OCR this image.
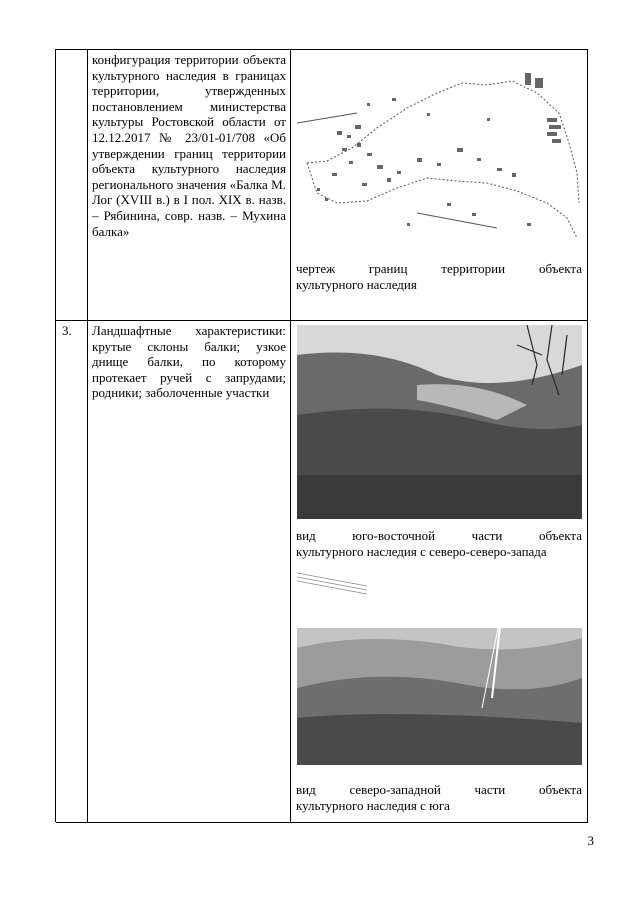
конфигурация территории объекта культурного наследия в границах территории, утвержденных постановлением министерства культуры Ростовской области от 12.12.2017 № 23/01-01/708 «Об утверждении границ территории объекта культурного наследия регионального значения «Балка М. Лог (XVIII в.) в I пол. XIX в. назв. – Рябинина, совр. назв. – Мухина балка»
чертеж границ территории объекта
культурного наследия
3.	Ландшафтные характеристики: крутые склоны балки; узкое днище балки, по которому протекает ручей с запрудами; родники; заболоченные участки
вид юго-восточной части объекта
культурного наследия с северо-северо-запада
вид северо-западной части объекта
культурного наследия с юга
3
